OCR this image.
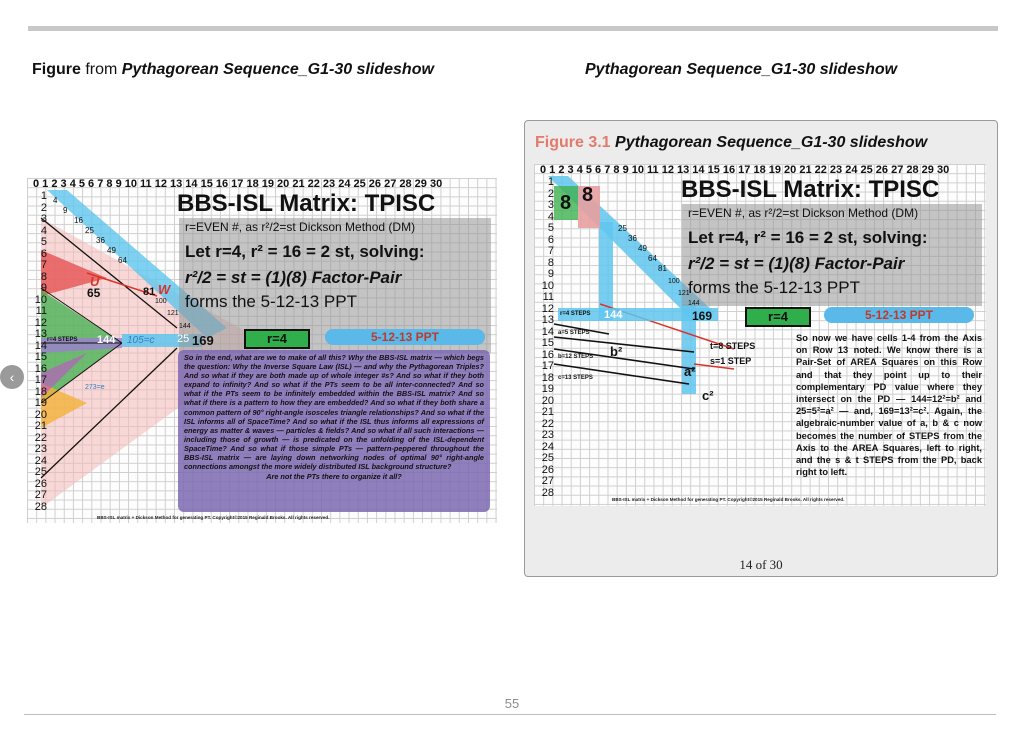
Figure from Pythagorean Sequence_G1-30 slideshow	Pythagorean Sequence_G1-30 slideshow
0 1 2 3 4 5 6 7 8 9 10 11 12 13 14 15 16 17 18 19 20 21 22 23 24 25 26 27 28 29 30
BBS-ISL Matrix: TPISC
r=EVEN #, as r²/2=st Dickson Method (DM)
Let r=4, r² = 16 = 2 st, solving:
r²/2 = st = (1)(8) Factor-Pair
forms the 5-12-13 PPT
r=4	5-12-13 PPT
r=4 STEPS 144 105=c 25 169
U
65	81 W
273=e
1
2
3
4
5
6
7
8
9
10
11
12
13
14
15
16
17
18
19
20
21
22
23
24
25
26
27
28
4
9
16
25
36
49
64
100
121
144
So in the end, what are we to make of all this? Why the BBS-ISL matrix — which begs the question: Why the Inverse Square Law (ISL) — and why the Pythagorean Triples? And so what if they are both made up of whole integer #s? And so what if they both expand to infinity? And so what if the PTs seem to be all inter-connected? And so what if the PTs seem to be infinitely embedded within the BBS-ISL matrix? And so what if there is a pattern to how they are embedded? And so what if they both share a common pattern of 90° right-angle isosceles triangle relationships? And so what if the ISL informs all of SpaceTime? And so what if the ISL thus informs all expressions of energy as matter & waves — particles & fields? And so what if all such interactions — including those of growth — is predicated on the unfolding of the ISL-dependent SpaceTime? And so what if those simple PTs — pattern-peppered throughout the BBS-ISL matrix — are laying down networking nodes of optimal 90° right-angle connections amongst the more widely distributed ISL background structure?
Are not the PTs there to organize it all?
BBS-ISL matrix + Dickson Method for generating PT. Copyright©2015 Reginald Brooks. All rights reserved.
‹
Figure 3.1 Pythagorean Sequence_G1-30 slideshow
0 1 2 3 4 5 6 7 8 9 10 11 12 13 14 15 16 17 18 19 20 21 22 23 24 25 26 27 28 29 30
8 8	BBS-ISL Matrix: TPISC
r=EVEN #, as r²/2=st Dickson Method (DM)
Let r=4, r² = 16 = 2 st, solving:
r²/2 = st = (1)(8) Factor-Pair
forms the 5-12-13 PPT
r=4	5-12-13 PPT
r=4 STEPS 144	169
a=5 STEPS
b=12 STEPS
c=13 STEPS
t=8 STEPS
s=1 STEP
b²
a²
c²
1
2
3
4
5
6
7
8
9
10
11
12
13
14
15
16
17
18
19
20
21
22
23
24
25
26
27
28
25
36
49
64
81
100
121
144
So now we have cells 1-4 from the Axis on Row 13 noted. We know there is a Pair-Set of AREA Squares on this Row and that they point up to their complementary PD value where they intersect on the PD — 144=12²=b² and 25=5²=a² — and, 169=13²=c². Again, the algebraic-number value of a, b & c now becomes the number of STEPS from the Axis to the AREA Squares, left to right, and the s & t STEPS from the PD, back right to left.
BBS-ISL matrix + Dickson Method for generating PT. Copyright©2015 Reginald Brooks. All rights reserved.
14 of 30
55
